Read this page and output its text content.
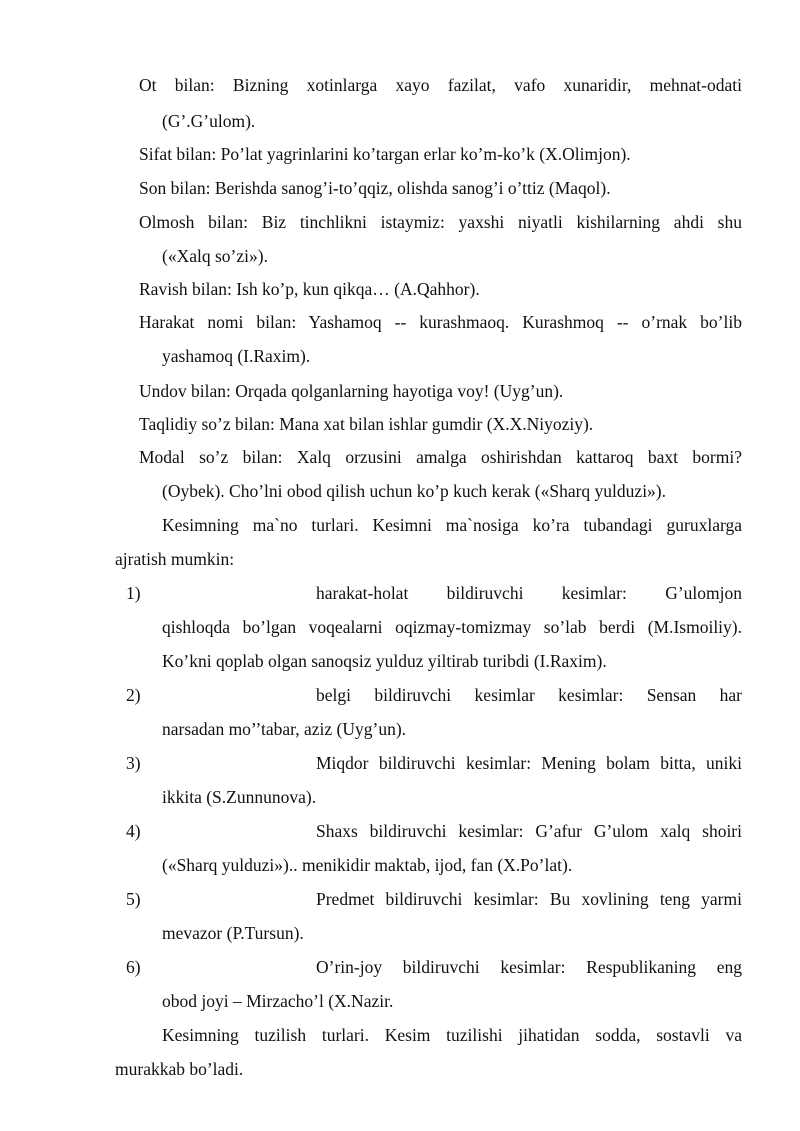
Ot bilan: Bizning xotinlarga xayo fazilat, vafo xunaridir, mehnat-odati
(G’.G’ulom).
Sifat bilan: Po’lat yagrinlarini ko’targan erlar ko’m-ko’k (X.Olimjon).
Son bilan: Berishda sanog’i-to’qqiz, olishda sanog’i o’ttiz (Maqol).
Olmosh bilan: Biz tinchlikni istaymiz: yaxshi niyatli kishilarning ahdi shu
(«Xalq so’zi»).
Ravish bilan: Ish ko’p, kun qikqa… (A.Qahhor).
Harakat nomi bilan: Yashamoq -- kurashmaoq. Kurashmoq -- o’rnak bo’lib
yashamoq (I.Raxim).
Undov bilan: Orqada qolganlarning hayotiga voy! (Uyg’un).
Taqlidiy so’z bilan: Mana xat bilan ishlar gumdir (X.X.Niyoziy).
Modal so’z bilan: Xalq orzusini amalga oshirishdan kattaroq baxt bormi?
(Oybek). Cho’lni obod qilish uchun ko’p kuch kerak («Sharq yulduzi»).
Kesimning ma`no turlari. Kesimni ma`nosiga ko’ra tubandagi guruxlarga
ajratish mumkin:
1)	harakat-holat bildiruvchi kesimlar: G’ulomjon
qishloqda bo’lgan voqealarni oqizmay-tomizmay so’lab berdi (M.Ismoiliy).
Ko’kni qoplab olgan sanoqsiz yulduz yiltirab turibdi (I.Raxim).
2)	belgi bildiruvchi kesimlar kesimlar: Sensan har
narsadan mo’’tabar, aziz (Uyg’un).
3)	Miqdor bildiruvchi kesimlar: Mening bolam bitta, uniki
ikkita (S.Zunnunova).
4)	Shaxs bildiruvchi kesimlar: G’afur G’ulom xalq shoiri
(«Sharq yulduzi»).. menikidir maktab, ijod, fan (X.Po’lat).
5)	Predmet bildiruvchi kesimlar: Bu xovlining teng yarmi
mevazor (P.Tursun).
6)	O’rin-joy bildiruvchi kesimlar: Respublikaning eng
obod joyi – Mirzacho’l (X.Nazir.
Kesimning tuzilish turlari. Kesim tuzilishi jihatidan sodda, sostavli va
murakkab bo’ladi.
